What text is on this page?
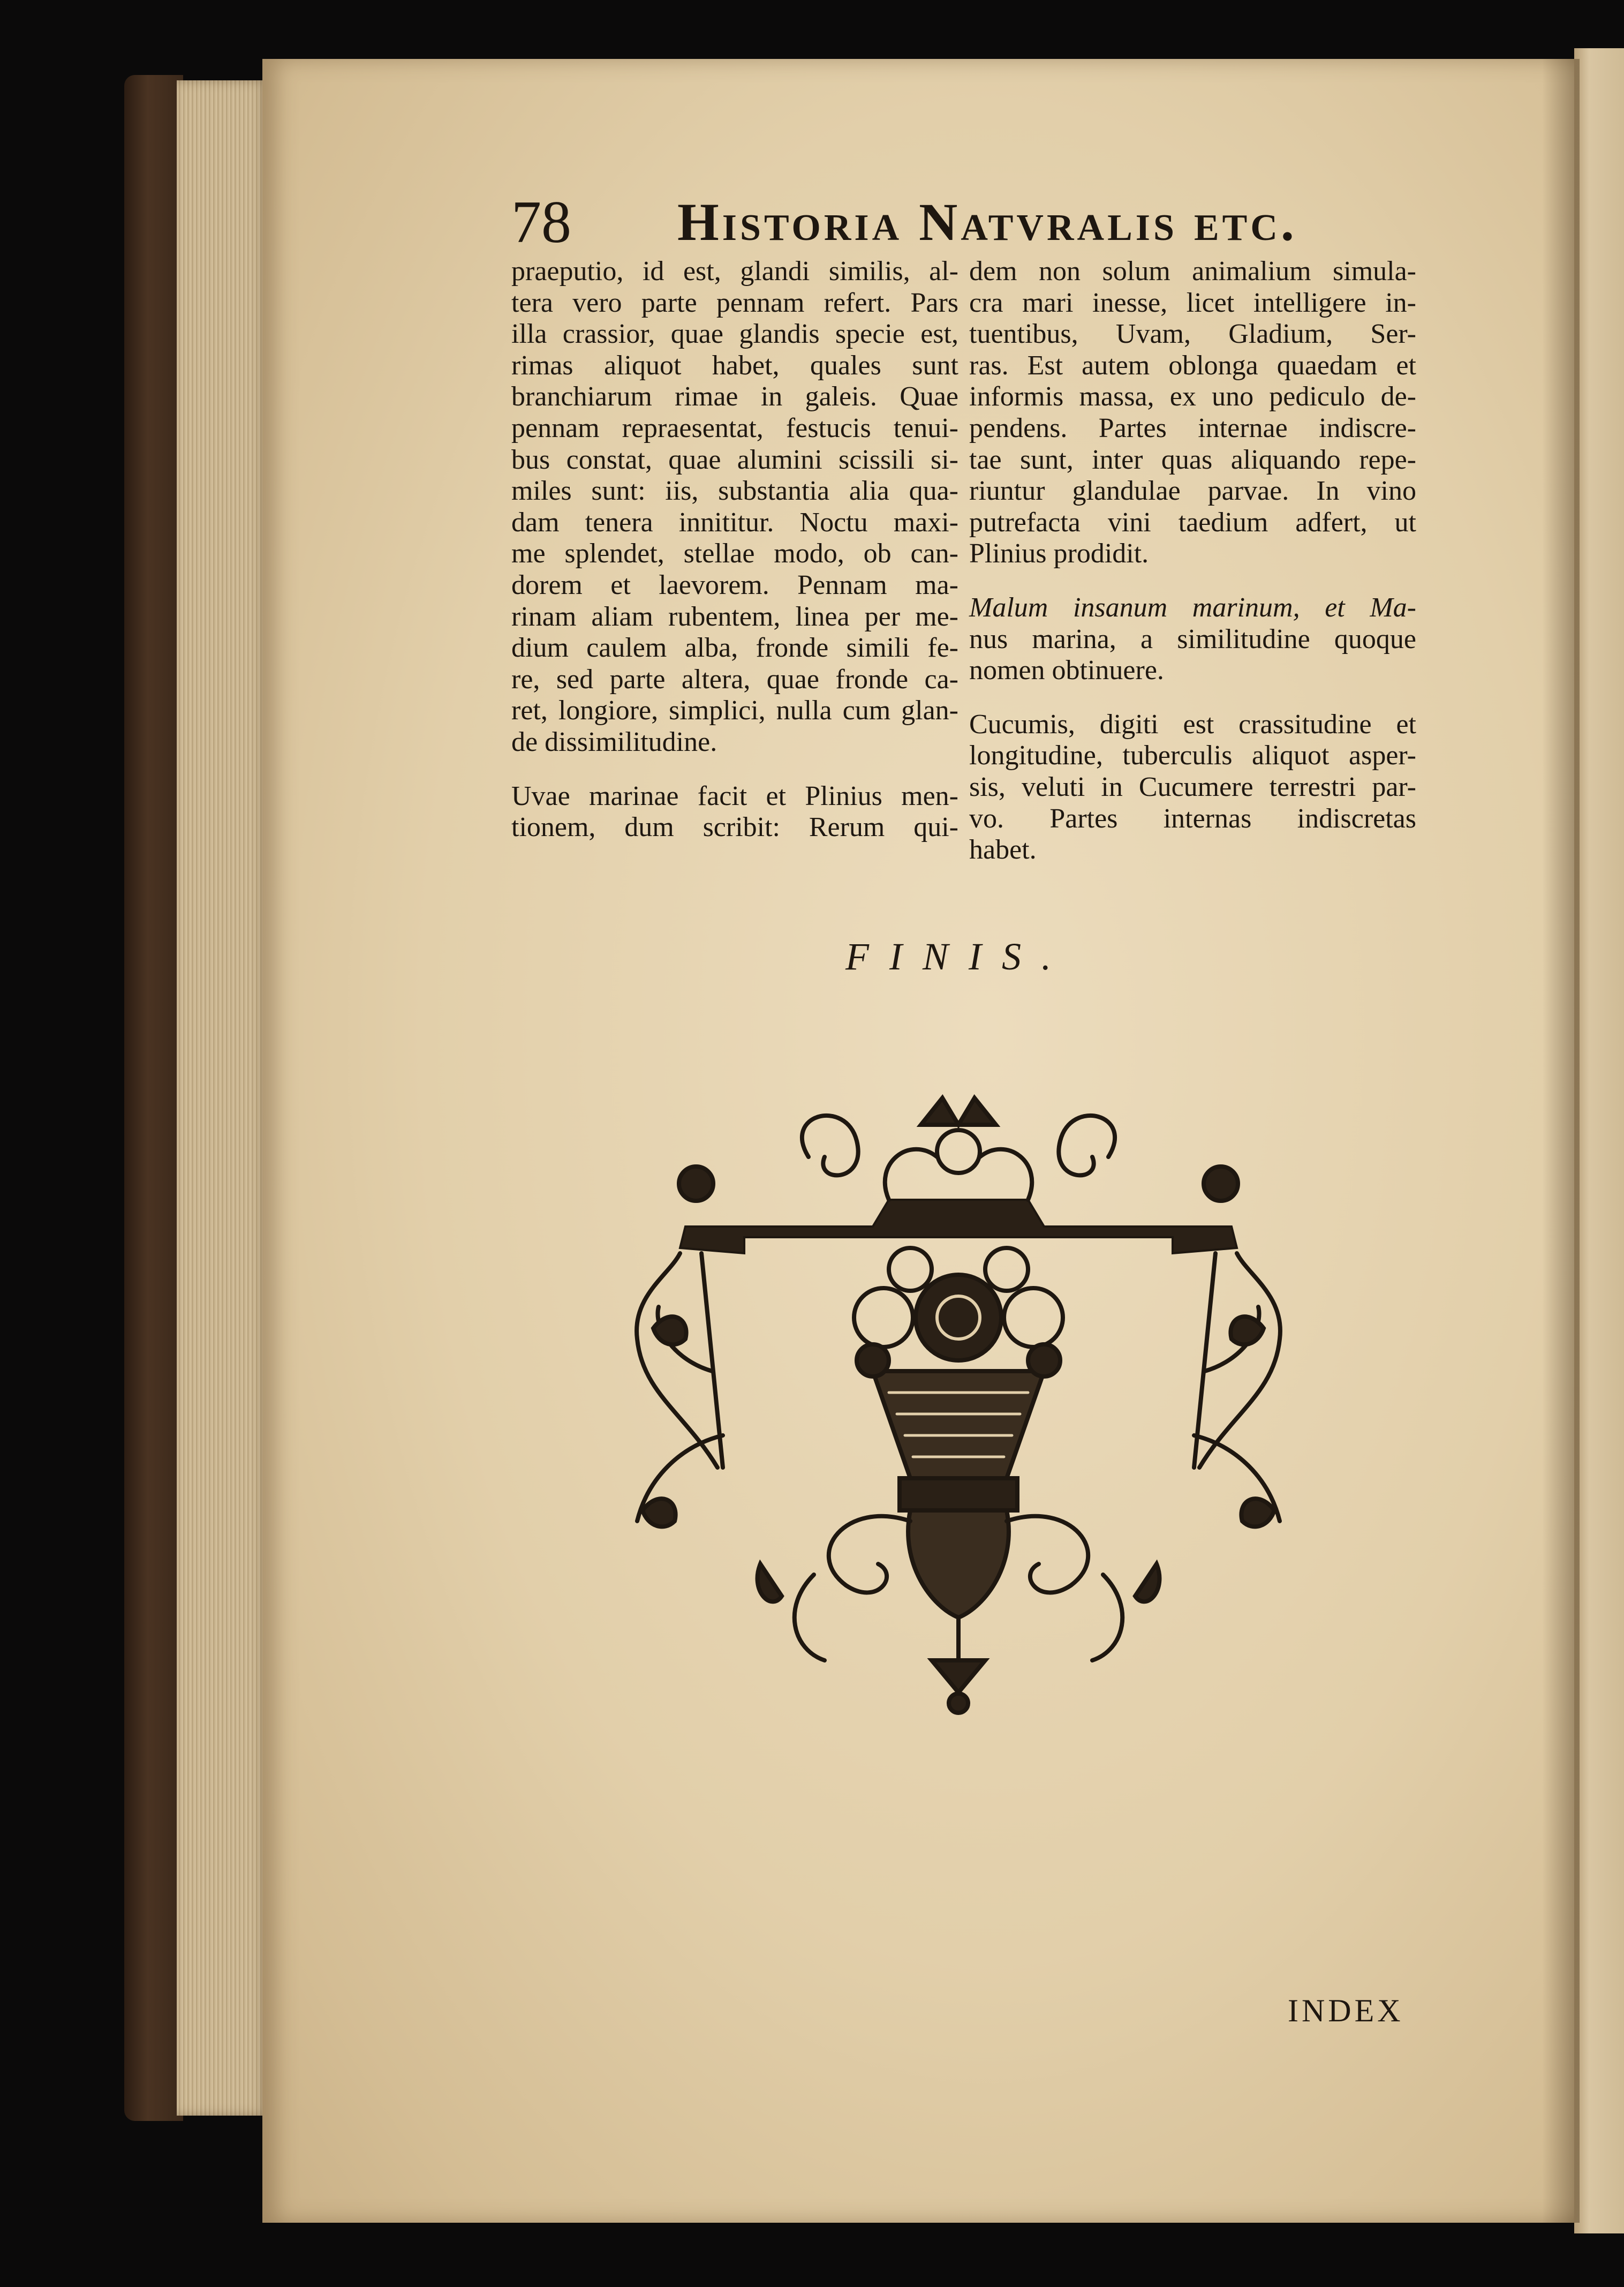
78 Historia Natvralis etc.

praeputio, id est, glandi similis, al-
tera vero parte pennam refert. Pars
illa crassior, quae glandis specie est,
rimas aliquot habet, quales sunt
branchiarum rimae in galeis. Quae
pennam repraesentat, festucis tenui-
bus constat, quae alumini scissili si-
miles sunt: iis, substantia alia qua-
dam tenera innititur. Noctu maxi-
me splendet, stellae modo, ob can-
dorem et laevorem. Pennam ma-
rinam aliam rubentem, linea per me-
dium caulem alba, fronde simili fe-
re, sed parte altera, quae fronde ca-
ret, longiore, simplici, nulla cum glan-
de dissimilitudine.

Uvae marinae facit et Plinius men-
tionem, dum scribit: Rerum qui-

dem non solum animalium simula-
cra mari inesse, licet intelligere in-
tuentibus, Uvam, Gladium, Ser-
ras. Est autem oblonga quaedam et
informis massa, ex uno pediculo de-
pendens. Partes internae indiscre-
tae sunt, inter quas aliquando repe-
riuntur glandulae parvae. In vino
putrefacta vini taedium adfert, ut
Plinius prodidit.

Malum insanum marinum, et Ma-
nus marina, a similitudine quoque
nomen obtinuere.

Cucumis, digiti est crassitudine et
longitudine, tuberculis aliquot asper-
sis, veluti in Cucumere terrestri par-
vo. Partes internas indiscretas
habet.

FINIS.
INDEX
